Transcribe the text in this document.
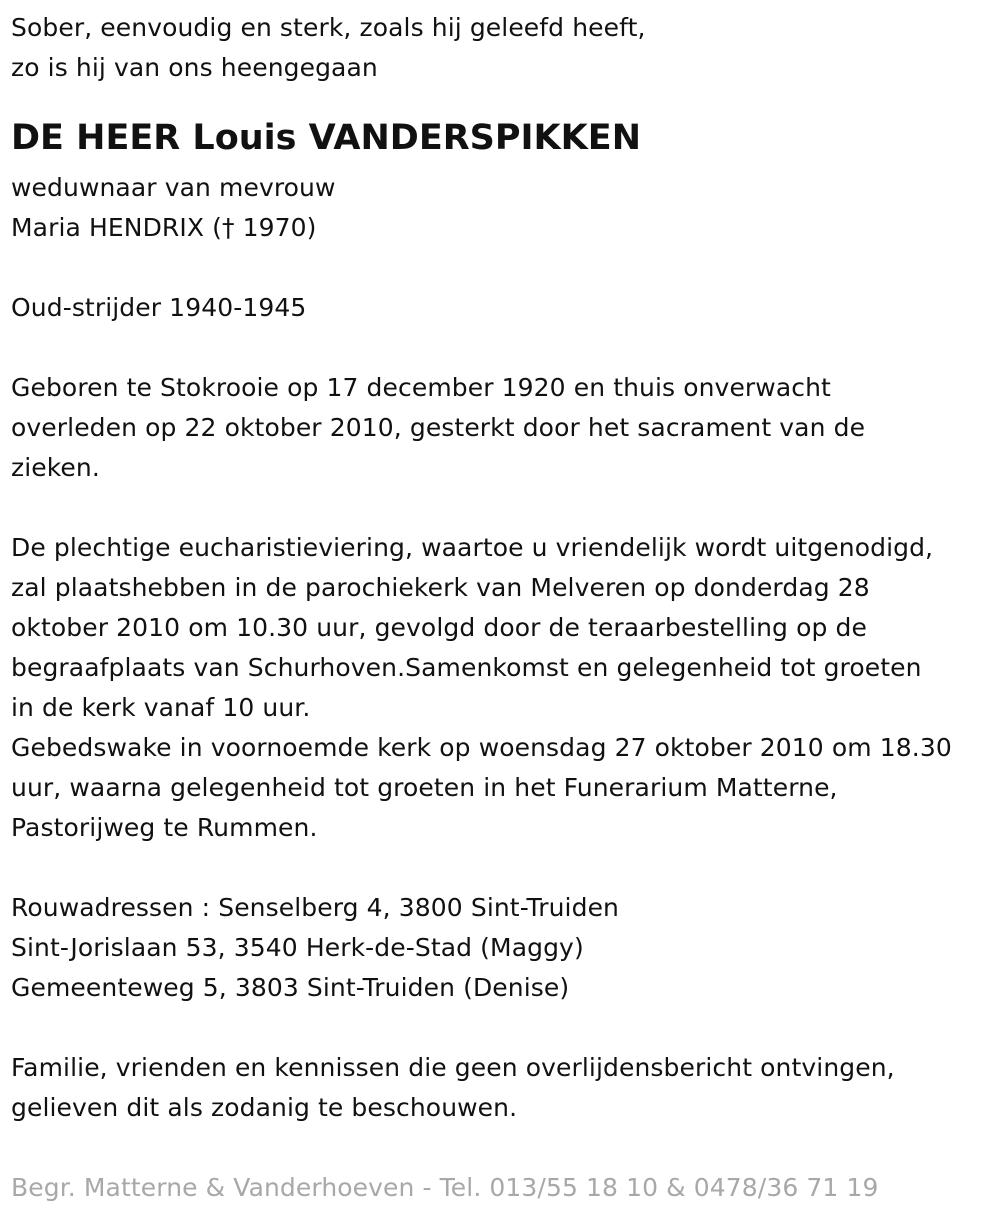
Sober, eenvoudig en sterk, zoals hij geleefd heeft,
zo is hij van ons heengegaan
DE HEER Louis VANDERSPIKKEN
weduwnaar van mevrouw
Maria HENDRIX († 1970)
Oud-strijder 1940-1945
Geboren te Stokrooie op 17 december 1920 en thuis onverwacht
overleden op 22 oktober 2010, gesterkt door het sacrament van de
zieken.
De plechtige eucharistieviering, waartoe u vriendelijk wordt uitgenodigd,
zal plaatshebben in de parochiekerk van Melveren op donderdag 28
oktober 2010 om 10.30 uur, gevolgd door de teraarbestelling op de
begraafplaats van Schurhoven.Samenkomst en gelegenheid tot groeten
in de kerk vanaf 10 uur.
Gebedswake in voornoemde kerk op woensdag 27 oktober 2010 om 18.30
uur, waarna gelegenheid tot groeten in het Funerarium Matterne,
Pastorijweg te Rummen.
Rouwadressen : Senselberg 4, 3800 Sint-Truiden
Sint-Jorislaan 53, 3540 Herk-de-Stad (Maggy)
Gemeenteweg 5, 3803 Sint-Truiden (Denise)
Familie, vrienden en kennissen die geen overlijdensbericht ontvingen,
gelieven dit als zodanig te beschouwen.
Begr. Matterne & Vanderhoeven - Tel. 013/55 18 10 & 0478/36 71 19
